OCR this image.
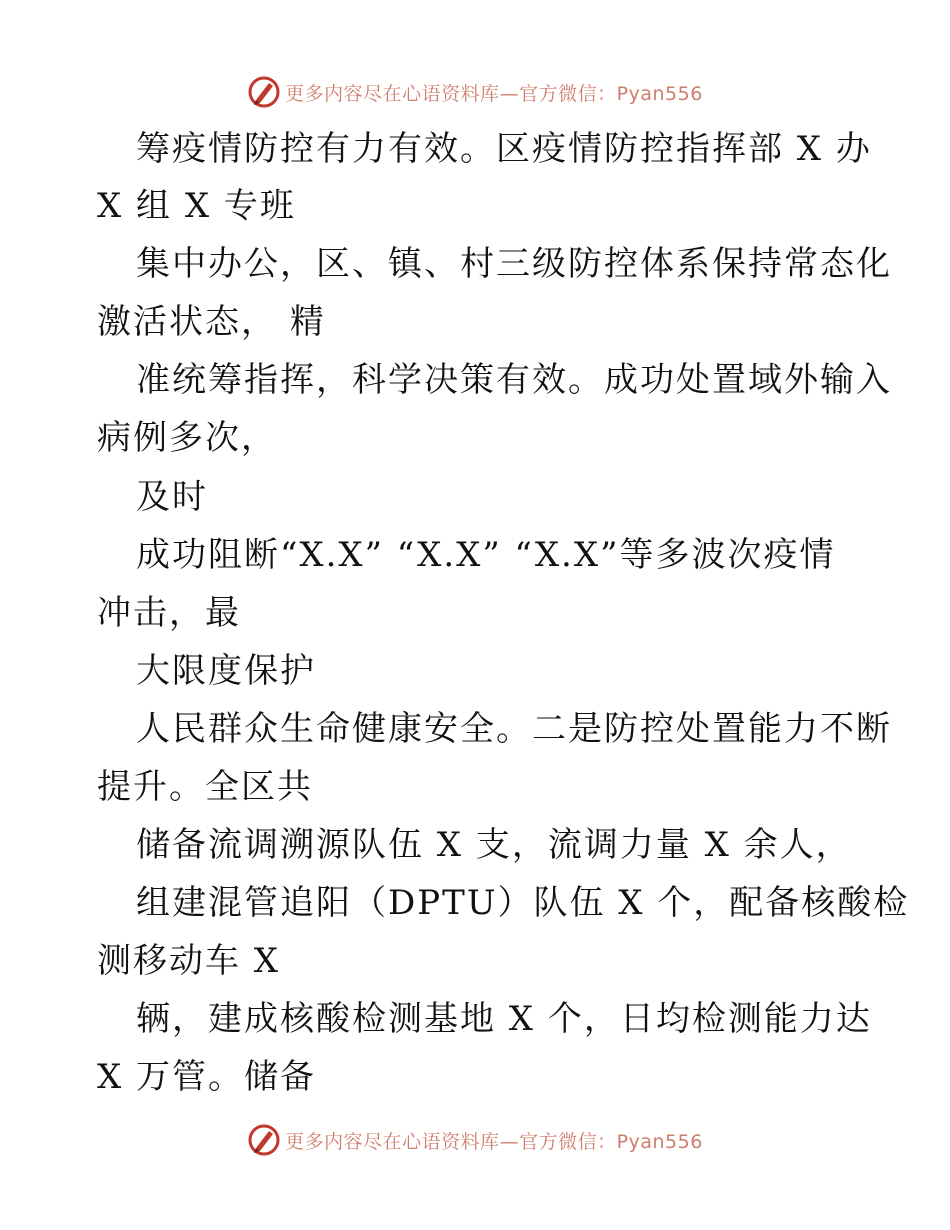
更多内容尽在心语资料库—官方微信：Pyan556
筹疫情防控有力有效。区疫情防控指挥部 X 办
X 组 X 专班
集中办公，区、镇、村三级防控体系保持常态化
激活状态， 精
准统筹指挥，科学决策有效。成功处置域外输入
病例多次，
及时
成功阻断“X.X” “X.X” “X.X”等多波次疫情
冲击，最
大限度保护
人民群众生命健康安全。二是防控处置能力不断
提升。全区共
储备流调溯源队伍 X 支，流调力量 X 余人，
组建混管追阳（DPTU）队伍 X 个，配备核酸检
测移动车 X
辆，建成核酸检测基地 X 个，日均检测能力达
X 万管。储备
更多内容尽在心语资料库—官方微信：Pyan556
